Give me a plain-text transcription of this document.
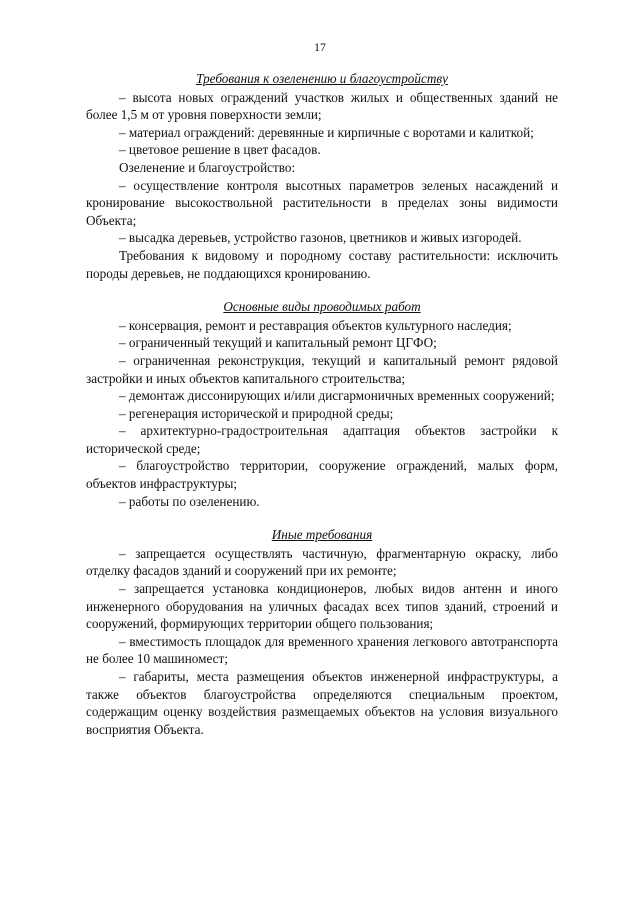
17

Требования к озеленению и благоустройству

– высота новых ограждений участков жилых и общественных зданий не более 1,5 м от уровня поверхности земли;

– материал ограждений: деревянные и кирпичные с воротами и калиткой;

– цветовое решение в цвет фасадов.

Озеленение и благоустройство:

– осуществление контроля высотных параметров зеленых насаждений и кронирование высокоствольной растительности в пределах зоны видимости Объекта;

– высадка деревьев, устройство газонов, цветников и живых изгородей.

Требования к видовому и породному составу растительности: исключить породы деревьев, не поддающихся кронированию.

Основные виды проводимых работ

– консервация, ремонт и реставрация объектов культурного наследия;

– ограниченный текущий и капитальный ремонт ЦГФО;

– ограниченная реконструкция, текущий и капитальный ремонт рядовой застройки и иных объектов капитального строительства;

– демонтаж диссонирующих и/или дисгармоничных временных сооружений;

– регенерация исторической и природной среды;

– архитектурно-градостроительная адаптация объектов застройки к исторической среде;

– благоустройство территории, сооружение ограждений, малых форм, объектов инфраструктуры;

– работы по озеленению.

Иные требования

– запрещается осуществлять частичную, фрагментарную окраску, либо отделку фасадов зданий и сооружений при их ремонте;

– запрещается установка кондиционеров, любых видов антенн и иного инженерного оборудования на уличных фасадах всех типов зданий, строений и сооружений, формирующих территории общего пользования;

– вместимость площадок для временного хранения легкового автотранспорта не более 10 машиномест;

– габариты, места размещения объектов инженерной инфраструктуры, а также объектов благоустройства определяются специальным проектом, содержащим оценку воздействия размещаемых объектов на условия визуального восприятия Объекта.
